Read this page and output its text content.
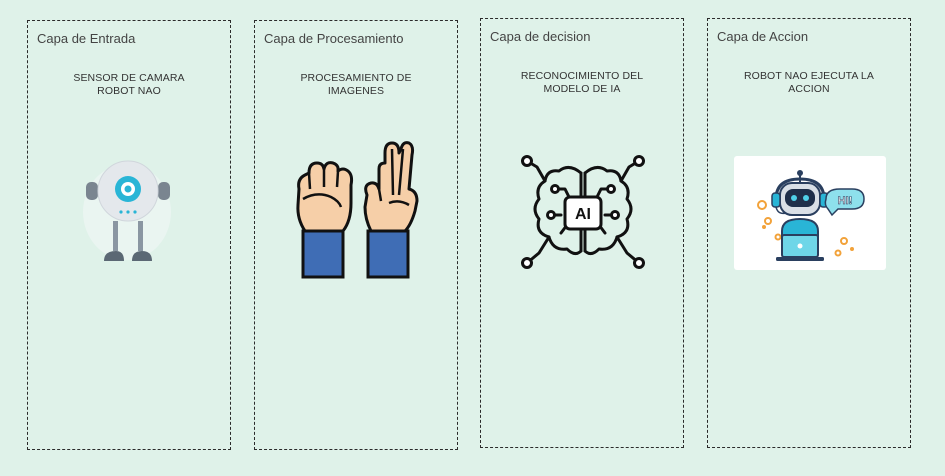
Capa de Entrada
SENSOR DE CAMARA
ROBOT NAO
Capa de Procesamiento
PROCESAMIENTO DE
IMAGENES
Capa de decision
RECONOCIMIENTO DEL
MODELO DE IA
AI
Capa de Accion
ROBOT NAO EJECUTA LA
ACCION
HI!
